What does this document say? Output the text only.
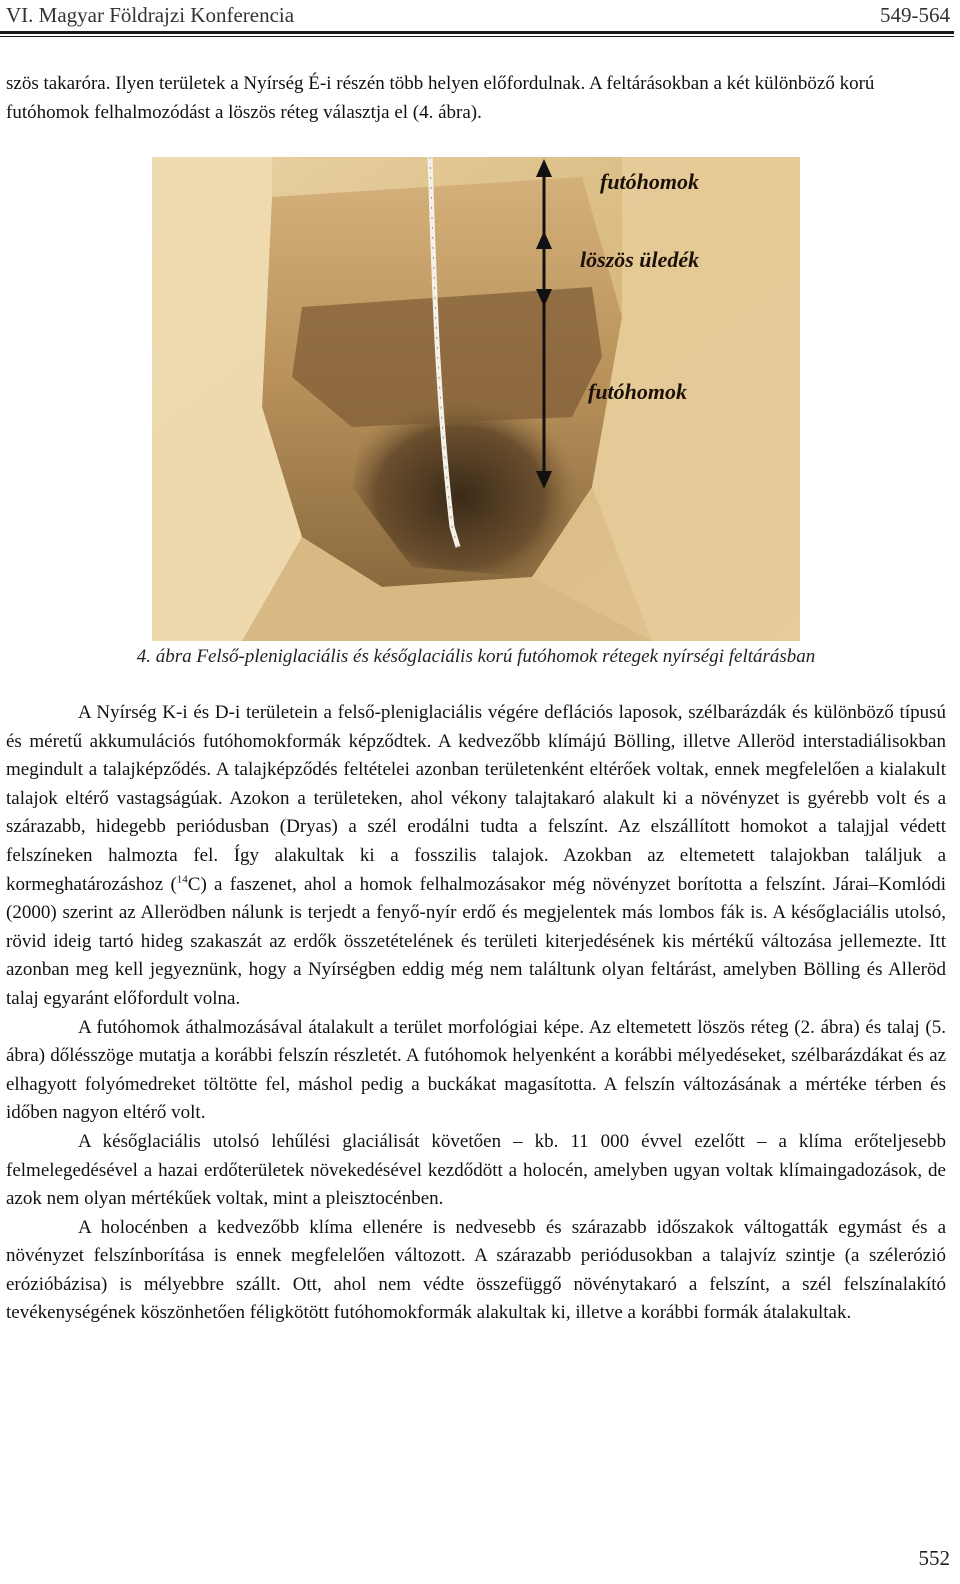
VI. Magyar Földrajzi Konferencia	549-564

szös takaróra. Ilyen területek a Nyírség É-i részén több helyen előfordulnak. A feltárásokban a két különböző korú futóhomok felhalmozódást a löszös réteg választja el (4. ábra).

futóhomok
löszös üledék
futóhomok
4. ábra Felső-pleniglaciális és későglaciális korú futóhomok rétegek nyírségi feltárásban

A Nyírség K-i és D-i területein a felső-pleniglaciális végére deflációs laposok, szélbarázdák és különböző típusú és méretű akkumulációs futóhomokformák képződtek. A kedvezőbb klímájú Bölling, illetve Alleröd interstadiálisokban megindult a talajképződés. A talajképződés feltételei azonban területenként eltérőek voltak, ennek megfelelően a kialakult talajok eltérő vastagságúak. Azokon a területeken, ahol vékony talajtakaró alakult ki a növényzet is gyérebb volt és a szárazabb, hidegebb periódusban (Dryas) a szél erodálni tudta a felszínt. Az elszállított homokot a talajjal védett felszíneken halmozta fel. Így alakultak ki a fosszilis talajok. Azokban az eltemetett talajokban találjuk a kormeghatározáshoz ($^{14}$C) a faszenet, ahol a homok felhalmozásakor még növényzet borította a felszínt. Járai–Komlódi (2000) szerint az Allerödben nálunk is terjedt a fenyő-nyír erdő és megjelentek más lombos fák is. A későglaciális utolsó, rövid ideig tartó hideg szakaszát az erdők összetételének és területi kiterjedésének kis mértékű változása jellemezte. Itt azonban meg kell jegyeznünk, hogy a Nyírségben eddig még nem találtunk olyan feltárást, amelyben Bölling és Alleröd talaj egyaránt előfordult volna.

A futóhomok áthalmozásával átalakult a terület morfológiai képe. Az eltemetett löszös réteg (2. ábra) és talaj (5. ábra) dőlésszöge mutatja a korábbi felszín részletét. A futóhomok helyenként a korábbi mélyedéseket, szélbarázdákat és az elhagyott folyómedreket töltötte fel, máshol pedig a buckákat magasította. A felszín változásának a mértéke térben és időben nagyon eltérő volt.

A későglaciális utolsó lehűlési glaciálisát követően – kb. 11 000 évvel ezelőtt – a klíma erőteljesebb felmelegedésével a hazai erdőterületek növekedésével kezdődött a holocén, amelyben ugyan voltak klímaingadozások, de azok nem olyan mértékűek voltak, mint a pleisztocénben.

A holocénben a kedvezőbb klíma ellenére is nedvesebb és szárazabb időszakok váltogatták egymást és a növényzet felszínborítása is ennek megfelelően változott. A szárazabb periódusokban a talajvíz szintje (a szélerózió erózióbázisa) is mélyebbre szállt. Ott, ahol nem védte összefüggő növénytakaró a felszínt, a szél felszínalakító tevékenységének köszönhetően féligkötött futóhomokformák alakultak ki, illetve a korábbi formák átalakultak.

552
